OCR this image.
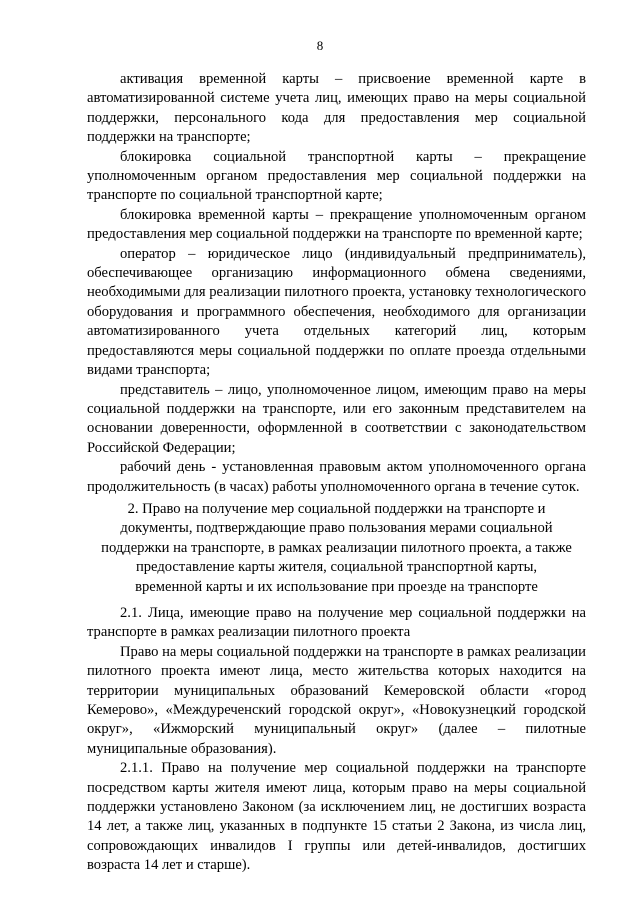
8

активация временной карты – присвоение временной карте в автоматизированной системе учета лиц, имеющих право на меры социальной поддержки, персонального кода для предоставления мер социальной поддержки на транспорте;

блокировка социальной транспортной карты – прекращение уполномоченным органом предоставления мер социальной поддержки на транспорте по социальной транспортной карте;

блокировка временной карты – прекращение уполномоченным органом предоставления мер социальной поддержки на транспорте по временной карте;

оператор – юридическое лицо (индивидуальный предприниматель), обеспечивающее организацию информационного обмена сведениями, необходимыми для реализации пилотного проекта, установку технологического оборудования и программного обеспечения, необходимого для организации автоматизированного учета отдельных категорий лиц, которым предоставляются меры социальной поддержки по оплате проезда отдельными видами транспорта;

представитель – лицо, уполномоченное лицом, имеющим право на меры социальной поддержки на транспорте, или его законным представителем на основании доверенности, оформленной в соответствии с законодательством Российской Федерации;

рабочий день - установленная правовым актом уполномоченного органа продолжительность (в часах) работы уполномоченного органа в течение суток.

2. Право на получение мер социальной поддержки на транспорте и документы, подтверждающие право пользования мерами социальной поддержки на транспорте, в рамках реализации пилотного проекта, а также предоставление карты жителя, социальной транспортной карты, временной карты и их использование при проезде на транспорте

2.1. Лица, имеющие право на получение мер социальной поддержки на транспорте в рамках реализации пилотного проекта

Право на меры социальной поддержки на транспорте в рамках реализации пилотного проекта имеют лица, место жительства которых находится на территории муниципальных образований Кемеровской области «город Кемерово», «Междуреченский городской округ», «Новокузнецкий городской округ», «Ижморский муниципальный округ» (далее – пилотные муниципальные образования).

2.1.1. Право на получение мер социальной поддержки на транспорте посредством карты жителя имеют лица, которым право на меры социальной поддержки установлено Законом (за исключением лиц, не достигших возраста 14 лет, а также лиц, указанных в подпункте 15 статьи 2 Закона, из числа лиц, сопровождающих инвалидов I группы или детей-инвалидов, достигших возраста 14 лет и старше).
